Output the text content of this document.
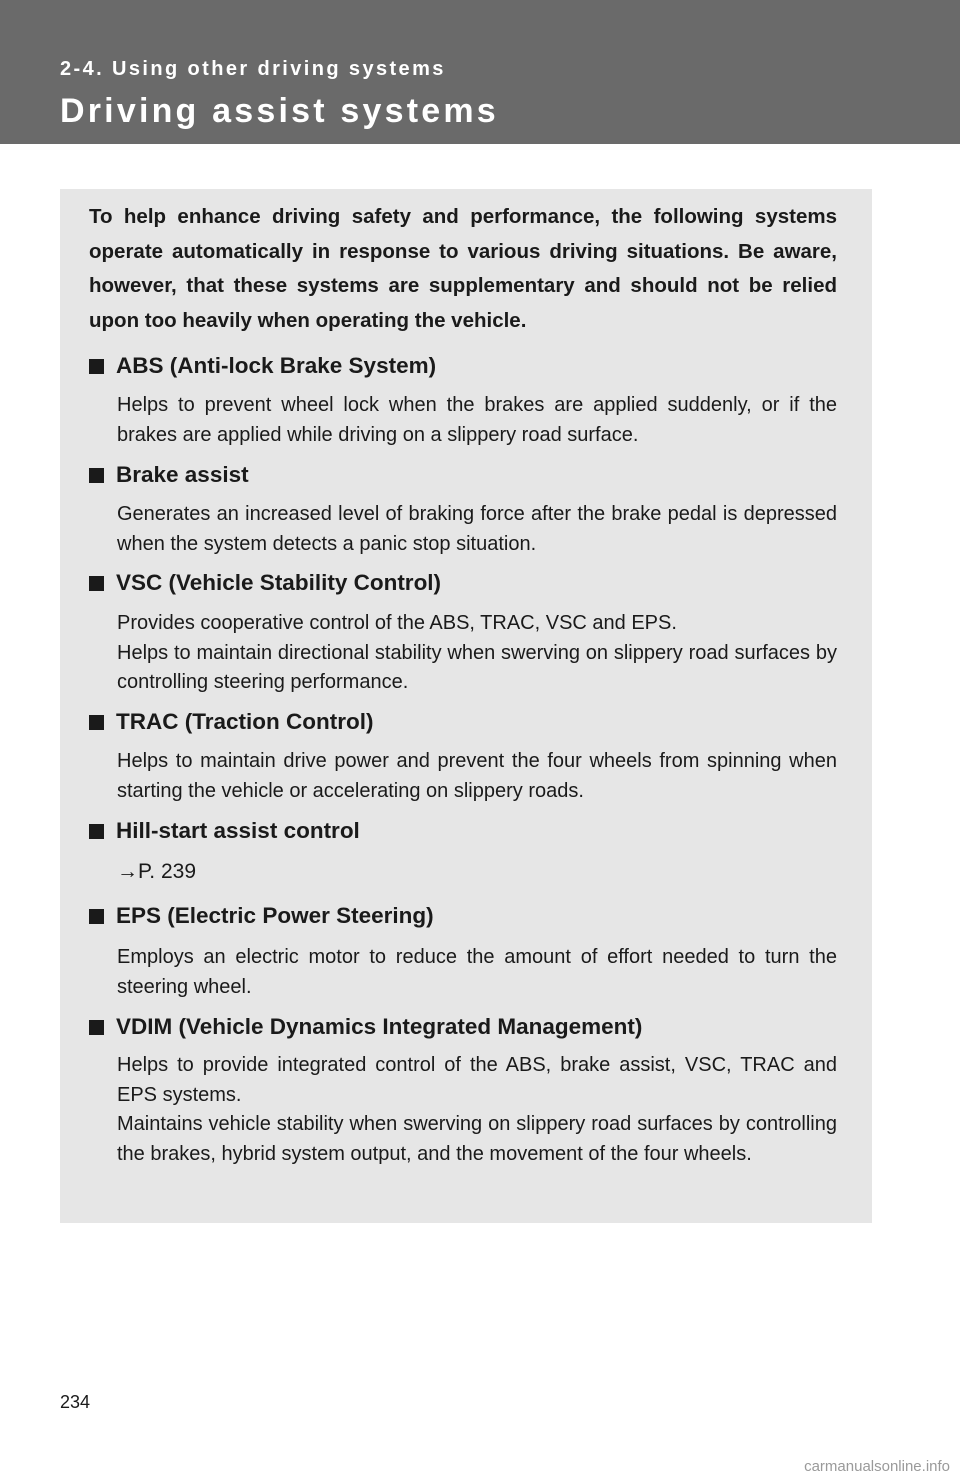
2-4. Using other driving systems
Driving assist systems
To help enhance driving safety and performance, the following systems operate automatically in response to various driving situations. Be aware, however, that these systems are supplementary and should not be relied upon too heavily when operating the vehicle.
ABS (Anti-lock Brake System)

Helps to prevent wheel lock when the brakes are applied suddenly, or if the brakes are applied while driving on a slippery road surface.

Brake assist

Generates an increased level of braking force after the brake pedal is depressed when the system detects a panic stop situation.

VSC (Vehicle Stability Control)

Provides cooperative control of the ABS, TRAC, VSC and EPS.

Helps to maintain directional stability when swerving on slippery road surfaces by controlling steering performance.

TRAC (Traction Control)

Helps to maintain drive power and prevent the four wheels from spinning when starting the vehicle or accelerating on slippery roads.

Hill-start assist control

→P. 239

EPS (Electric Power Steering)

Employs an electric motor to reduce the amount of effort needed to turn the steering wheel.

VDIM (Vehicle Dynamics Integrated Management)

Helps to provide integrated control of the ABS, brake assist, VSC, TRAC and EPS systems.

Maintains vehicle stability when swerving on slippery road surfaces by controlling the brakes, hybrid system output, and the movement of the four wheels.

234
carmanualsonline.info
